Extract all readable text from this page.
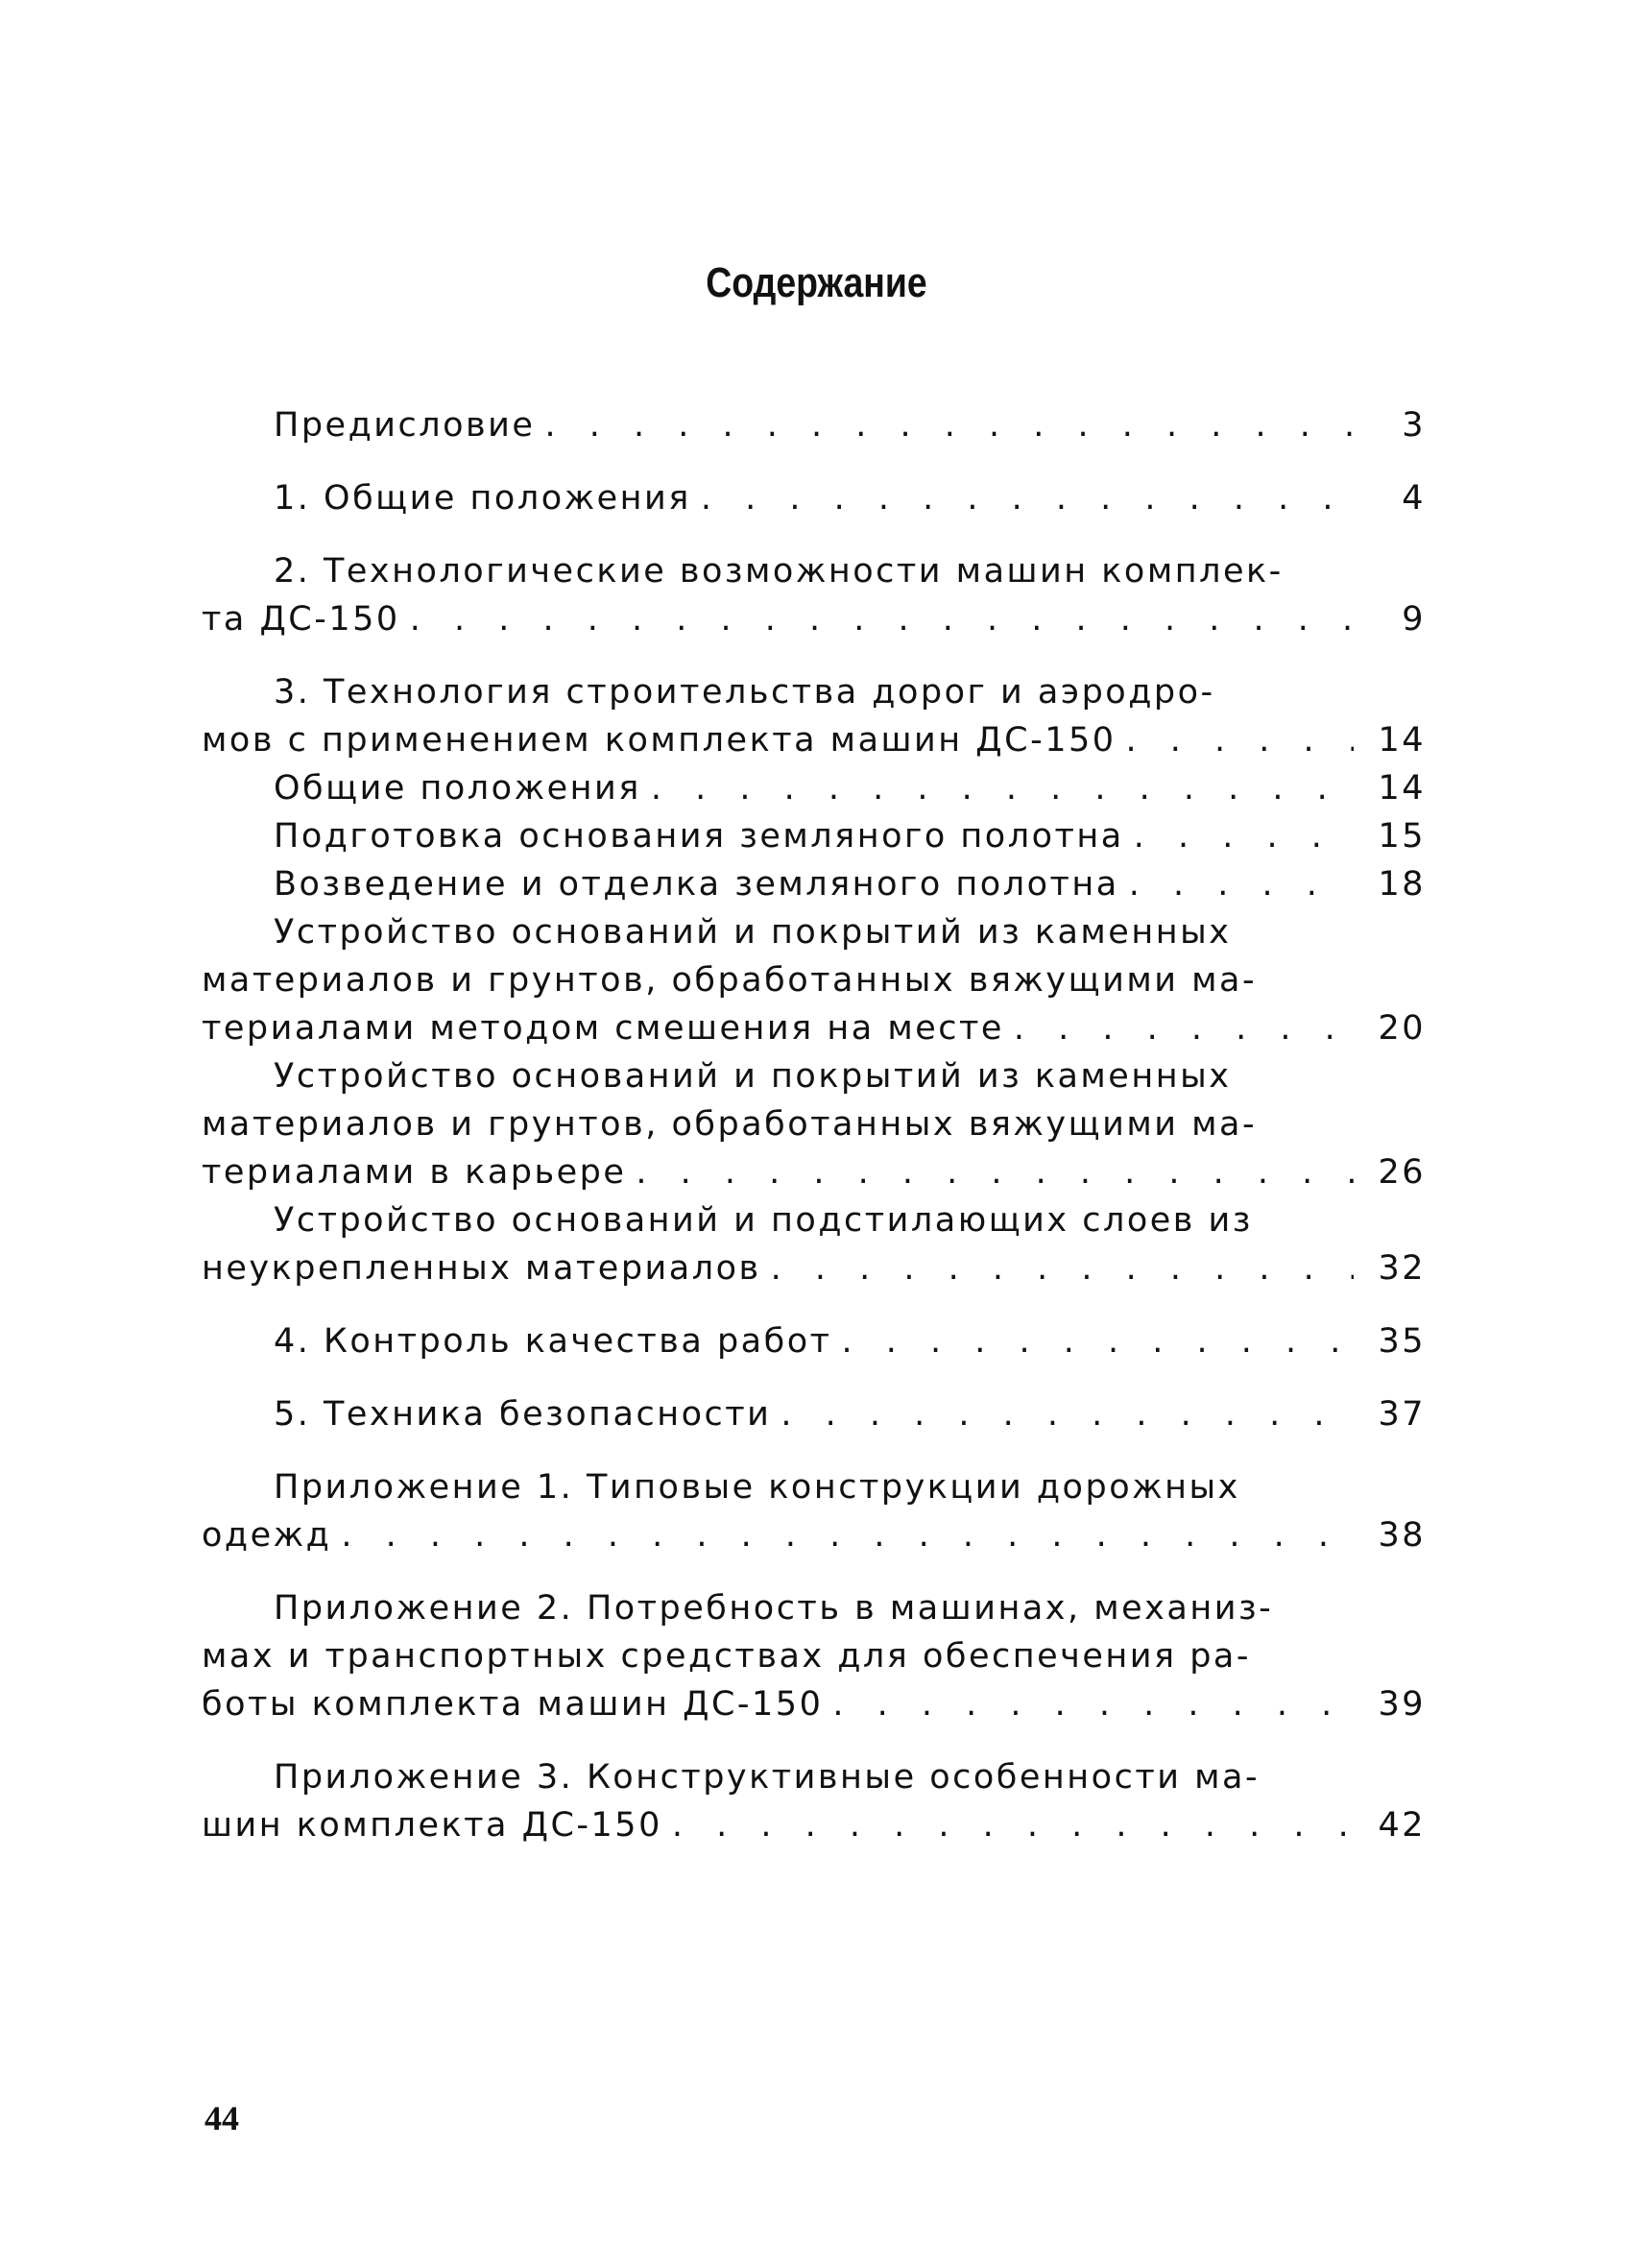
Содержание
Предисловие . . .	3
1. Общие положения . . .	4
2. Технологические возможности машин комплек-
та ДС-150 . . .	9
3. Технология строительства дорог и аэродро-
мов с применением комплекта машин ДС-150 . . .	14
Общие положения . . .	14
Подготовка основания земляного полотна . . .	15
Возведение и отделка земляного полотна . . .	18
Устройство оснований и покрытий из каменных
материалов и грунтов, обработанных вяжущими ма-
териалами методом смешения на месте . . .	20
Устройство оснований и покрытий из каменных
материалов и грунтов, обработанных вяжущими ма-
териалами в карьере . . .	26
Устройство оснований и подстилающих слоев из
неукрепленных материалов . . .	32
4. Контроль качества работ . . .	35
5. Техника безопасности . . .	37
Приложение 1. Типовые конструкции дорожных
одежд . . .	38
Приложение 2. Потребность в машинах, механиз-
мах и транспортных средствах для обеспечения ра-
боты комплекта машин ДС-150 . . .	39
Приложение 3. Конструктивные особенности ма-
шин комплекта ДС-150 . . .	42
44
